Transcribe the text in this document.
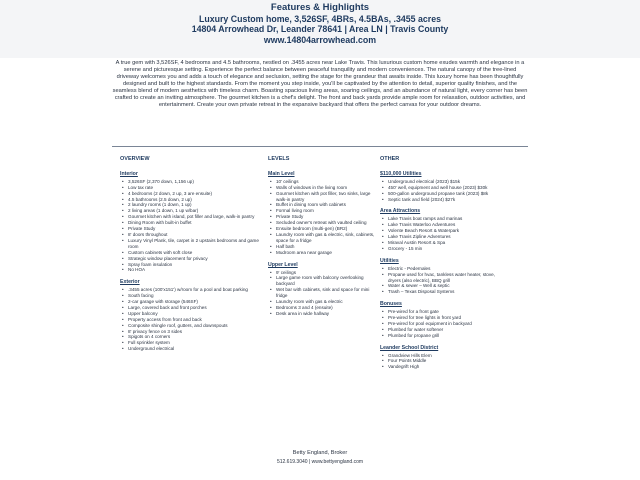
Features & Highlights
Luxury Custom home, 3,526SF, 4BRs, 4.5BAs, .3455 acres
14804 Arrowhead Dr, Leander 78641 | Area LN | Travis County
www.14804arrowhead.com
A true gem with 3,526SF, 4 bedrooms and 4.5 bathrooms, nestled on .3455 acres near Lake Travis. This luxurious custom home exudes warmth and elegance in a serene and picturesque setting. Experience the perfect balance between peaceful tranquility and modern conveniences. The natural canopy of the tree-lined driveway welcomes you and adds a touch of elegance and seclusion, setting the stage for the grandeur that awaits inside. This luxury home has been thoughtfully designed and built to the highest standards. From the moment you step inside, you'll be captivated by the attention to detail, superior quality finishes, and the seamless blend of modern aesthetics with timeless charm. Boasting spacious living areas, soaring ceilings, and an abundance of natural light, every corner has been crafted to create an inviting atmosphere. The gourmet kitchen is a chef's delight. The front and back yards provide ample room for relaxation, outdoor activities, and entertainment. Create your own private retreat in the expansive backyard that offers the perfect canvas for your outdoor dreams.
OVERVIEW
Interior
• 3,526SF (2,370 down, 1,156 up)
• Low tax rate
• 4 bedrooms (2 down, 2 up, 3 are ensuite)
• 4.5 bathrooms (2.5 down, 2 up)
• 2 laundry rooms (1 down, 1 up)
• 2 living areas (1 down, 1 up w/bar)
• Gourmet kitchen with island, pot filler and large, walk-in pantry
• Dining Room with built-in buffet
• Private Study
• 8' doors throughout
• Luxury Vinyl Plank, tile, carpet in 2 upstairs bedrooms and game room
• Custom cabinets with soft close
• Strategic window placement for privacy
• Spray foam insulation
• No HOA
Exterior
• .3455 acres (100'x151') w/room for a pool and boat parking
• South facing
• 2-car garage with storage (546SF)
• Large, covered back and front porches
• Upper balcony
• Property access from front and back
• Composite shingle roof, gutters, and downspouts
• 8' privacy fence on 3 sides
• Spigots on 4 corners
• Full sprinkler system
• Underground electrical
LEVELS
Main Level
• 10' ceilings
• Walls of windows in the living room
• Gourmet kitchen with pot filler, two sinks, large walk-in pantry
• Buffet in dining room with cabinets
• Formal living room
• Private Study
• Secluded owner's retreat with vaulted ceiling
• Ensuite bedroom (multi-gen) (BR2)
• Laundry room with gas & electric, sink, cabinets, space for a fridge
• Half bath
• Mudroom area near garage
Upper Level
• 9' ceilings
• Large game room with balcony overlooking backyard
• Wet bar with cabinets, sink and space for mini fridge
• Laundry room with gas & electric
• Bedrooms 3 and 4 (ensuite)
• Desk area in wide hallway
OTHER
$110,000 Utilities
• Underground electrical (2023) $15k
• 450' well, equipment and well house (2023) $30k
• 500-gallon underground propane tank (2023) $8k
• Septic tank and field (2024) $27k
Area Attractions
• Lake Travis boat ramps and marinas
• Lake Travis Waterloo Adventures
• Volente Beach Resort & Waterpark
• Lake Travis Zipline Adventures
• Miraval Austin Resort & Spa
• Grocery - 15 min
Utilities
• Electric - Pedernales
• Propane used for hvac, tankless water heater, stove, dryers (also electric), BBQ grill
• Water & sewer – Well & septic
• Trash – Texas Disposal Systems
Bonuses
• Pre-wired for a front gate
• Pre-wired for tree lights in front yard
• Pre-wired for pool equipment in backyard
• Plumbed for water softener
• Plumbed for propane grill
Leander School District
• Grandview Hills Elem
• Four Points Middle
• Vandegrift High
Betty England, Broker
512.619.3040 | www.bettyengland.com
